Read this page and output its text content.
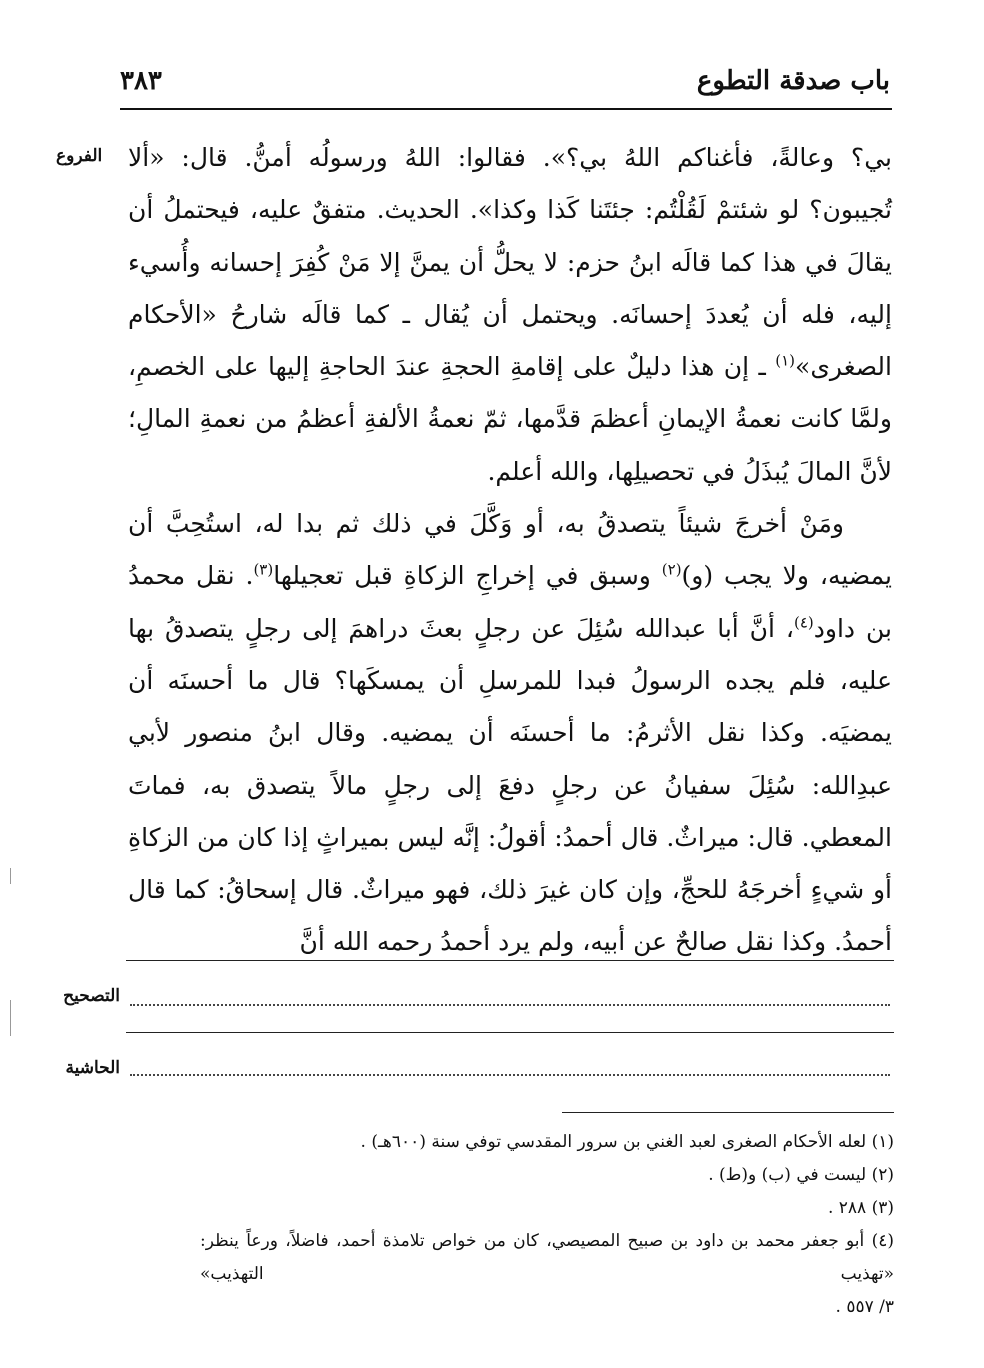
باب صدقة التطوع
٣٨٣
الفروع بي؟ وعالةً، فأغناكم اللهُ بي؟». فقالوا: اللهُ ورسولُه أمنُّ. قال: «ألا تُجيبون؟ لو شئتمْ لَقُلْتُم: جئتَنا كَذا وكذا». الحديث. متفقٌ عليه، فيحتملُ أن يقالَ في هذا كما قالَه ابنُ حزم: لا يحلُّ أن يمنَّ إلا مَنْ كُفِرَ إحسانه وأُسيء إليه، فله أن يُعددَ إحسانَه. ويحتمل أن يُقال ـ كما قالَه شارحُ «الأحكام الصغرى»$^{(١)}$ ـ إن هذا دليلٌ على إقامةِ الحجةِ عندَ الحاجةِ إليها على الخصمِ، ولمَّا كانت نعمةُ الإيمانِ أعظمَ قدَّمها، ثمّ نعمةُ الألفةِ أعظمُ من نعمةِ المالِ؛ لأنَّ المالَ يُبذَلُ في تحصيلِها، والله أعلم.

ومَنْ أخرجَ شيئاً يتصدقُ به، أو وَكَّلَ في ذلك ثم بدا له، استُحِبَّ أن يمضيه، ولا يجب (و)$^{(٢)}$ وسبق في إخراجِ الزكاةِ قبل تعجيلها$^{(٣)}$. نقل محمدُ بن داود$^{(٤)}$، أنَّ أبا عبدالله سُئِلَ عن رجلٍ بعثَ دراهمَ إلى رجلٍ يتصدقُ بها عليه، فلم يجده الرسولُ فبدا للمرسلِ أن يمسكَها؟ قال ما أحسنَه أن يمضيَه. وكذا نقل الأثرمُ: ما أحسنَه أن يمضيه. وقال ابنُ منصور لأبي عبدِالله: سُئِلَ سفيانُ عن رجلٍ دفعَ إلى رجلٍ مالاً يتصدق به، فماتَ المعطي. قال: ميراثٌ. قال أحمدُ: أقولُ: إنَّه ليس بميراثٍ إذا كان من الزكاةِ أو شيءٍ أخرجَهُ للحجِّ، وإن كان غيرَ ذلك، فهو ميراثٌ. قال إسحاقُ: كما قال أحمدُ. وكذا نقل صالحٌ عن أبيه، ولم يرد أحمدُ رحمه الله أنَّ

التصحيح
الحاشية

(١) لعله الأحكام الصغرى لعبد الغني بن سرور المقدسي توفي سنة (٦٠٠هـ) .

(٢) ليست في (ب) و(ط) .

(٣) ٢٨٨ .

(٤) أبو جعفر محمد بن داود بن صبيح المصيصي، كان من خواص تلامذة أحمد، فاضلاً، ورعاً ينظر: «تهذيب التهذيب»

٣/ ٥٥٧ .
